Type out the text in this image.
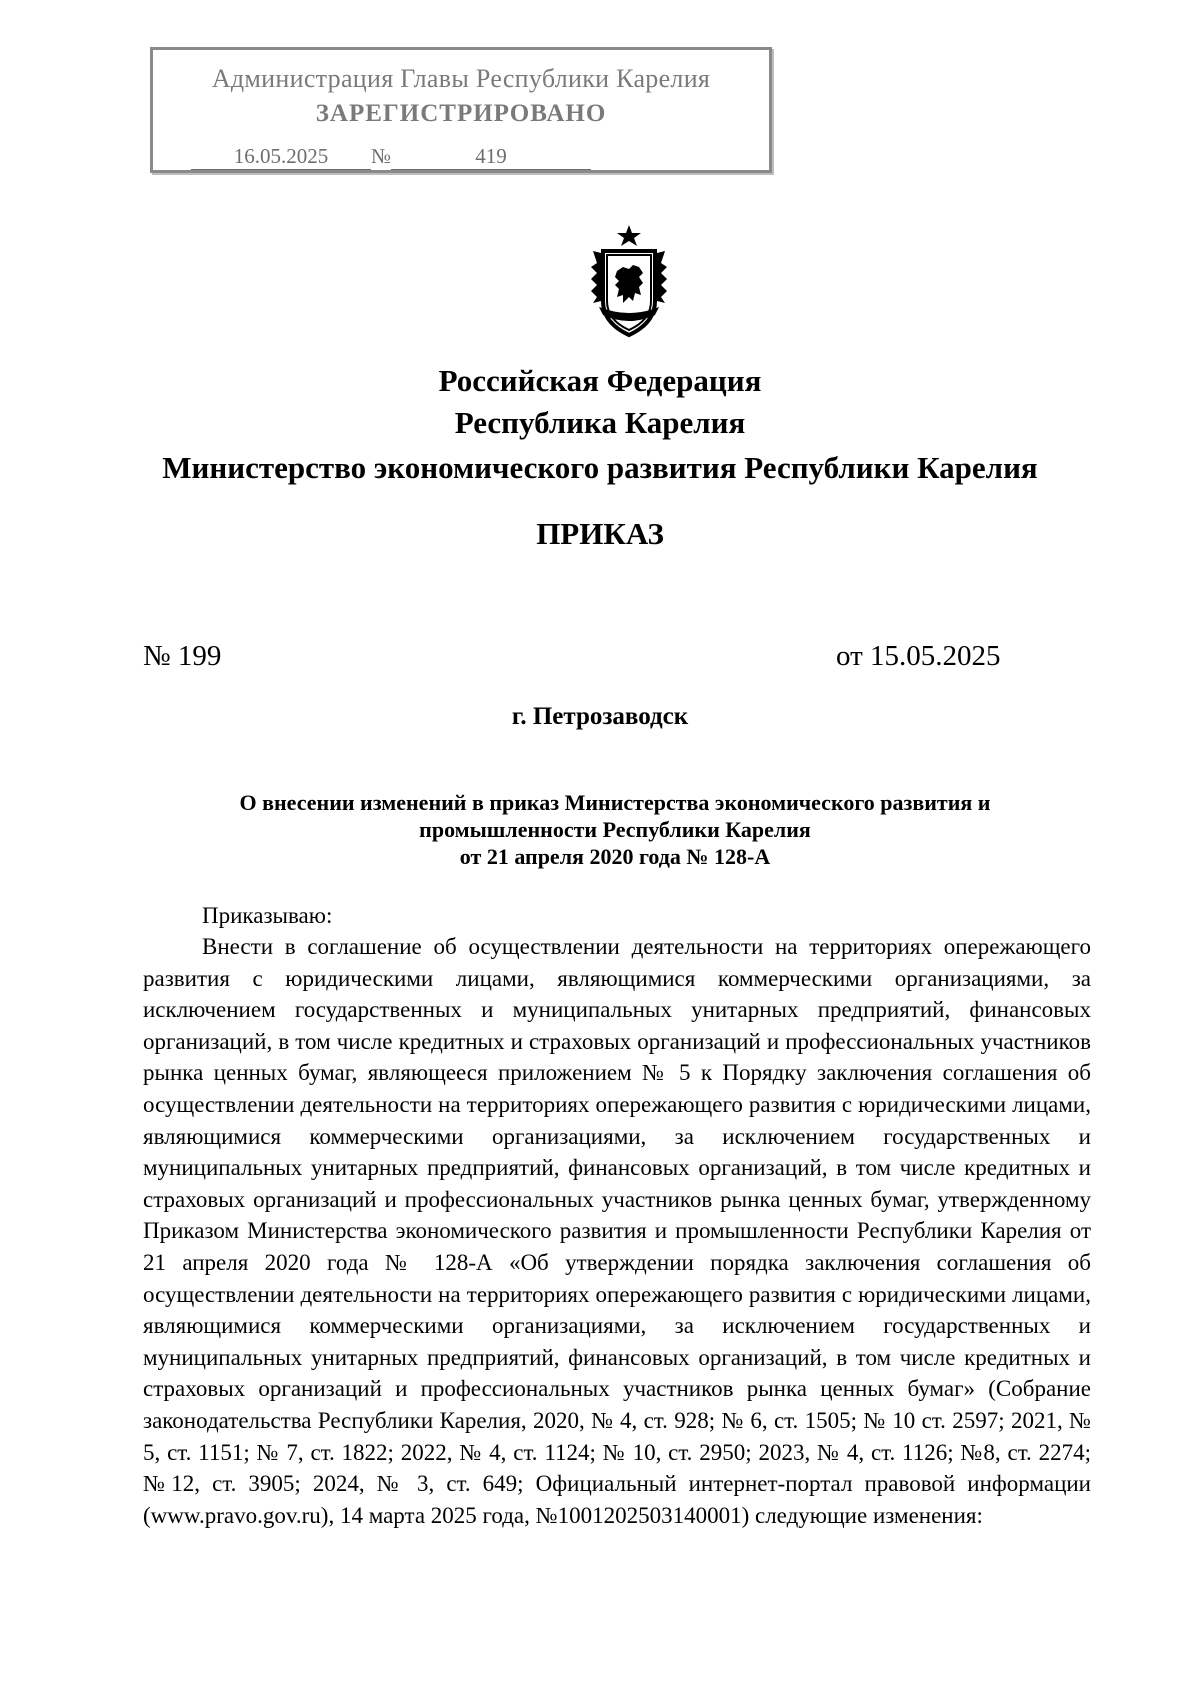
Администрация Главы Республики Карелия
ЗАРЕГИСТРИРОВАНО
16.05.2025 №	419
Российская Федерация
Республика Карелия
Министерство экономического развития Республики Карелия
ПРИКАЗ
№ 199	от 15.05.2025
г. Петрозаводск
О внесении изменений в приказ Министерства экономического развития и
промышленности Республики Карелия
от 21 апреля 2020 года № 128-А
Приказываю:

Внести в соглашение об осуществлении деятельности на территориях опережающего развития с юридическими лицами, являющимися коммерческими организациями, за исключением государственных и муниципальных унитарных предприятий, финансовых организаций, в том числе кредитных и страховых организаций и профессиональных участников рынка ценных бумаг, являющееся приложением № 5 к Порядку заключения соглашения об осуществлении деятельности на территориях опережающего развития с юридическими лицами, являющимися коммерческими организациями, за исключением государственных и муниципальных унитарных предприятий, финансовых организаций, в том числе кредитных и страховых организаций и профессиональных участников рынка ценных бумаг, утвержденному Приказом Министерства экономического развития и промышленности Республики Карелия от 21 апреля 2020 года № 128-А «Об утверждении порядка заключения соглашения об осуществлении деятельности на территориях опережающего развития с юридическими лицами, являющимися коммерческими организациями, за исключением государственных и муниципальных унитарных предприятий, финансовых организаций, в том числе кредитных и страховых организаций и профессиональных участников рынка ценных бумаг» (Собрание законодательства Республики Карелия, 2020, № 4, ст. 928; № 6, ст. 1505; № 10 ст. 2597; 2021, № 5, ст. 1151; № 7, ст. 1822; 2022, № 4, ст. 1124; № 10, ст. 2950; 2023, № 4, ст. 1126; №8, ст. 2274; №12, ст. 3905; 2024, № 3, ст. 649; Официальный интернет-портал правовой информации (www.pravo.gov.ru), 14 марта 2025 года, №1001202503140001) следующие изменения:
